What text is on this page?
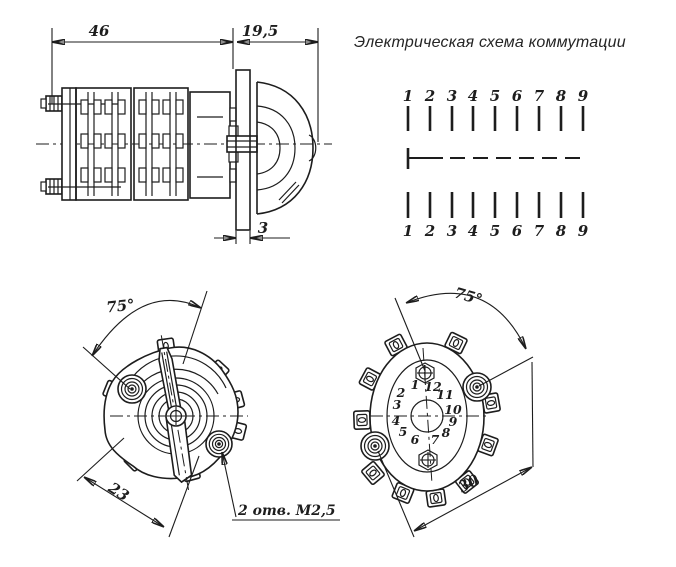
46	19,5
3
Электрическая схема коммутации
1 2 3 4 5 6 7 8 9
1 2 3 4 5 6 7 8 9
75°
23
2 отв. М2,5
1
2
3
4
5
6 7 8
9
10
11
12
75°
30
